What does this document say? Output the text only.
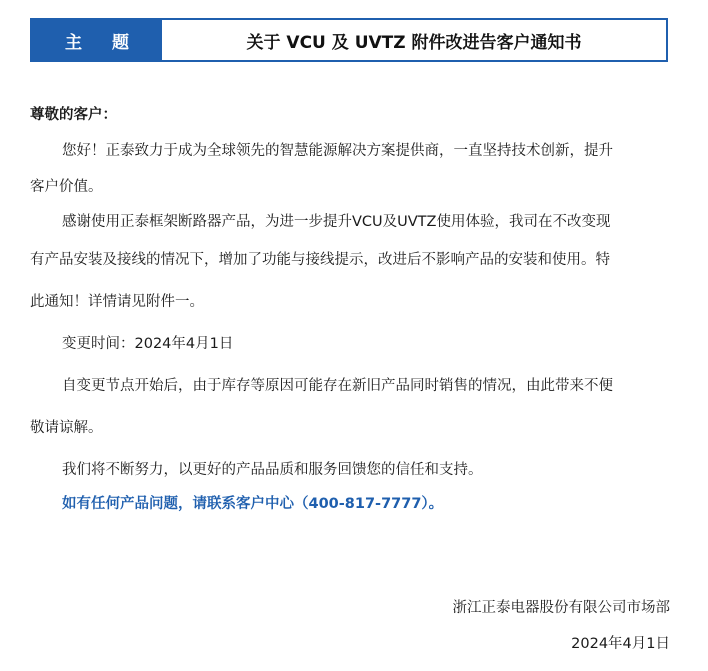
主 题	关于 VCU 及 UVTZ 附件改进告客户通知书
尊敬的客户：
您好！正泰致力于成为全球领先的智慧能源解决方案提供商，一直坚持技术创新，提升
客户价值。
感谢使用正泰框架断路器产品，为进一步提升VCU及UVTZ使用体验，我司在不改变现
有产品安装及接线的情况下，增加了功能与接线提示，改进后不影响产品的安装和使用。特
此通知！详情请见附件一。
变更时间：2024年4月1日
自变更节点开始后，由于库存等原因可能存在新旧产品同时销售的情况，由此带来不便
敬请谅解。
我们将不断努力，以更好的产品品质和服务回馈您的信任和支持。
如有任何产品问题，请联系客户中心（400-817-7777）。
浙江正泰电器股份有限公司市场部
2024年4月1日
